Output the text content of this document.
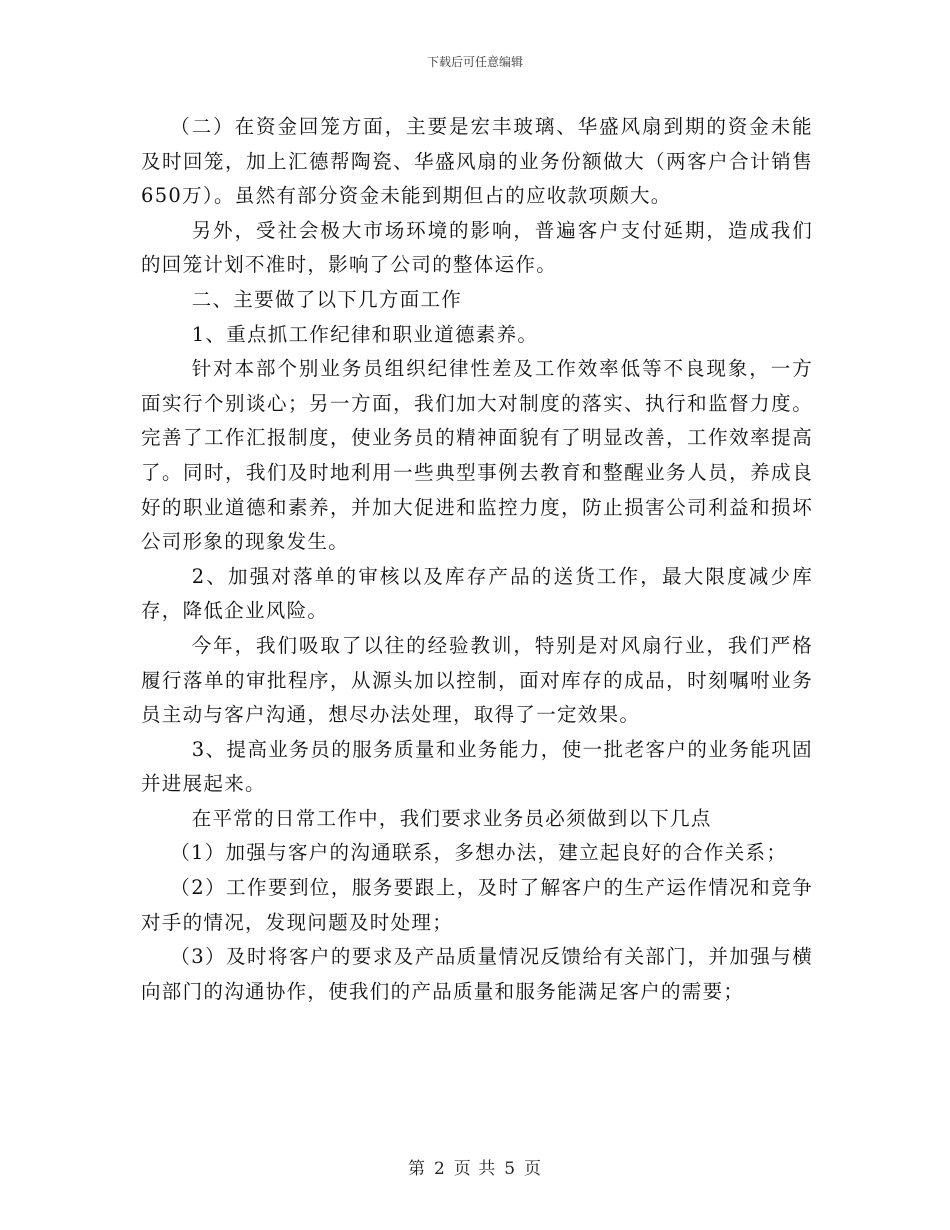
下载后可任意编辑

（二）在资金回笼方面，主要是宏丰玻璃、华盛风扇到期的资金未能及时回笼，加上汇德帮陶瓷、华盛风扇的业务份额做大（两客户合计销售650万）。虽然有部分资金未能到期但占的应收款项颇大。

另外，受社会极大市场环境的影响，普遍客户支付延期，造成我们的回笼计划不准时，影响了公司的整体运作。

二、主要做了以下几方面工作

1、重点抓工作纪律和职业道德素养。

针对本部个别业务员组织纪律性差及工作效率低等不良现象，一方面实行个别谈心；另一方面，我们加大对制度的落实、执行和监督力度。完善了工作汇报制度，使业务员的精神面貌有了明显改善，工作效率提高了。同时，我们及时地利用一些典型事例去教育和整醒业务人员，养成良好的职业道德和素养，并加大促进和监控力度，防止损害公司利益和损坏公司形象的现象发生。

2、加强对落单的审核以及库存产品的送货工作，最大限度减少库存，降低企业风险。

今年，我们吸取了以往的经验教训，特别是对风扇行业，我们严格履行落单的审批程序，从源头加以控制，面对库存的成品，时刻嘱咐业务员主动与客户沟通，想尽办法处理，取得了一定效果。

3、提高业务员的服务质量和业务能力，使一批老客户的业务能巩固并进展起来。

在平常的日常工作中，我们要求业务员必须做到以下几点

（1）加强与客户的沟通联系，多想办法，建立起良好的合作关系；

（2）工作要到位，服务要跟上，及时了解客户的生产运作情况和竞争对手的情况，发现问题及时处理；

（3）及时将客户的要求及产品质量情况反馈给有关部门，并加强与横向部门的沟通协作，使我们的产品质量和服务能满足客户的需要；

第 2 页 共 5 页
